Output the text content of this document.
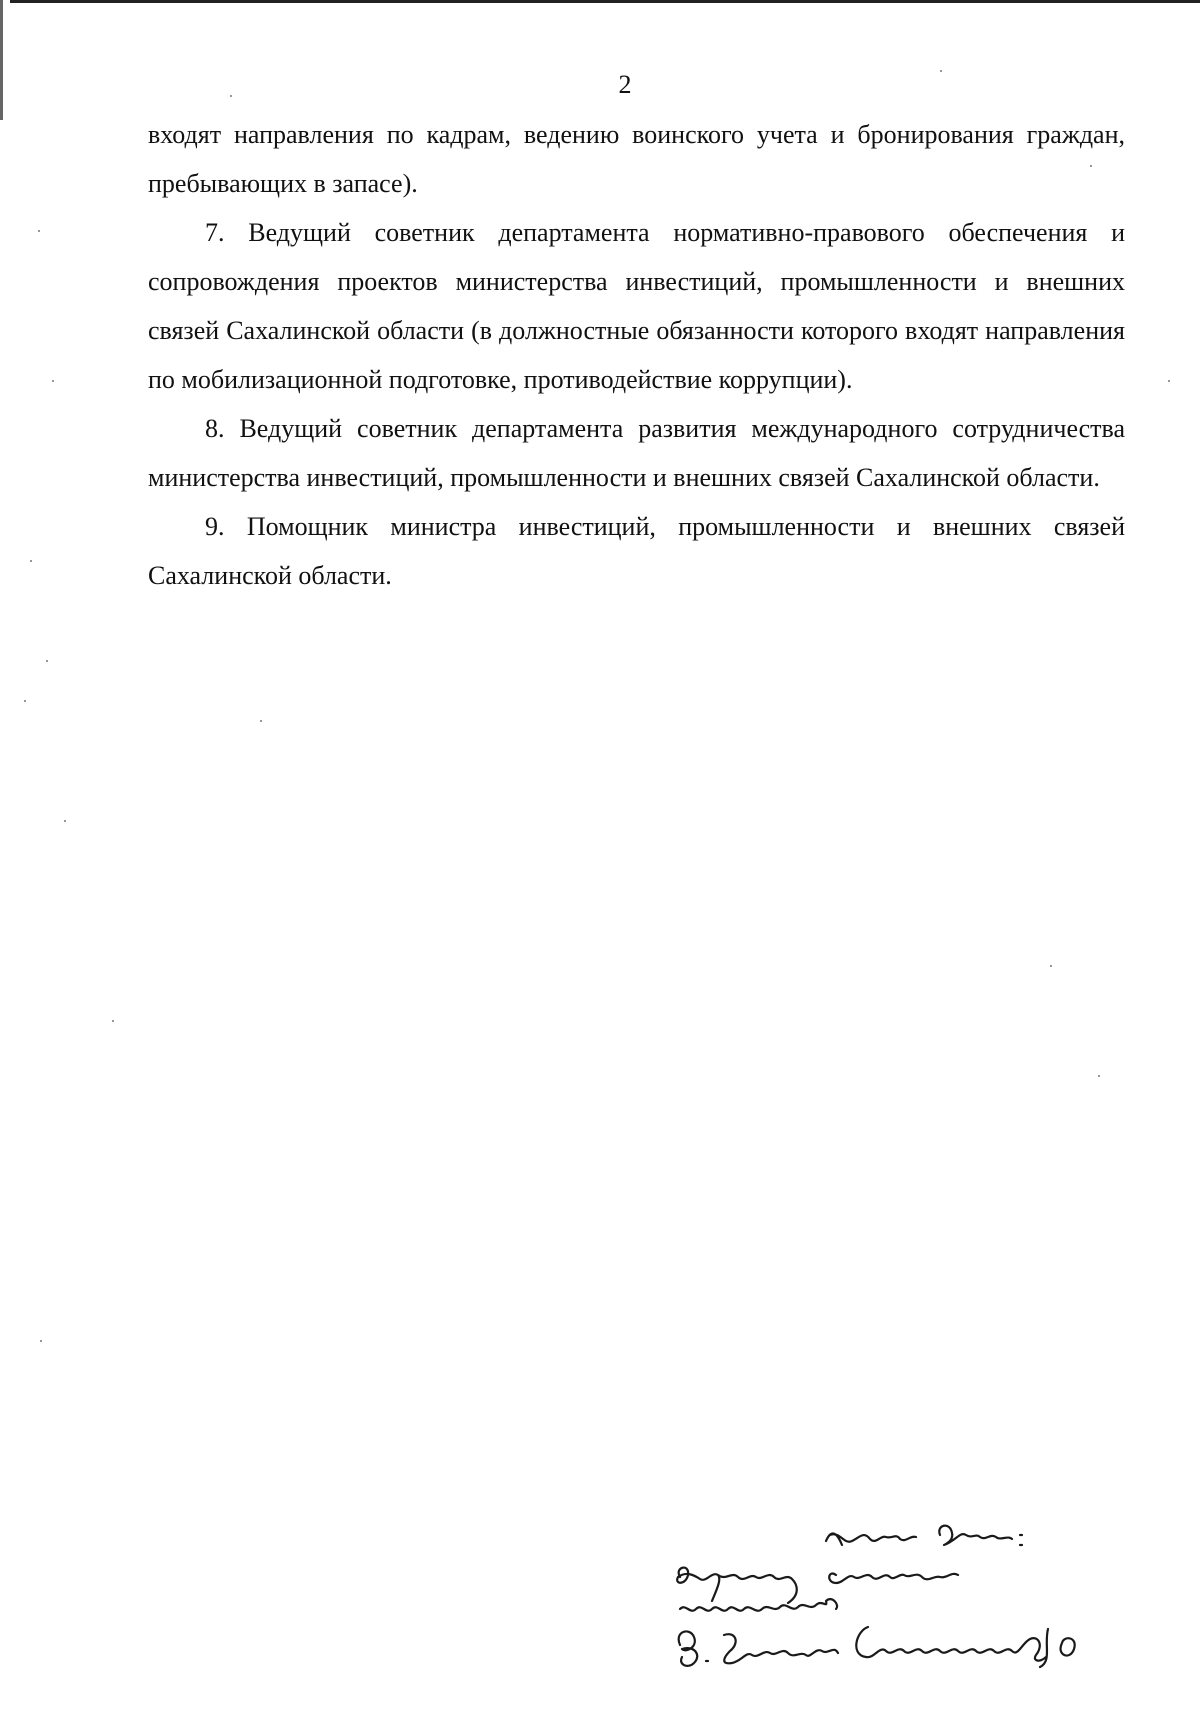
2

входят направления по кадрам, ведению воинского учета и бронирования граждан, пребывающих в запасе).

7. Ведущий советник департамента нормативно-правового обеспечения и сопровождения проектов министерства инвестиций, промышленности и внешних связей Сахалинской области (в должностные обязанности которого входят направления по мобилизационной подготовке, противодействие коррупции).

8. Ведущий советник департамента развития международного сотрудничества министерства инвестиций, промышленности и внешних связей Сахалинской области.

9. Помощник министра инвестиций, промышленности и внешних связей Сахалинской области.
